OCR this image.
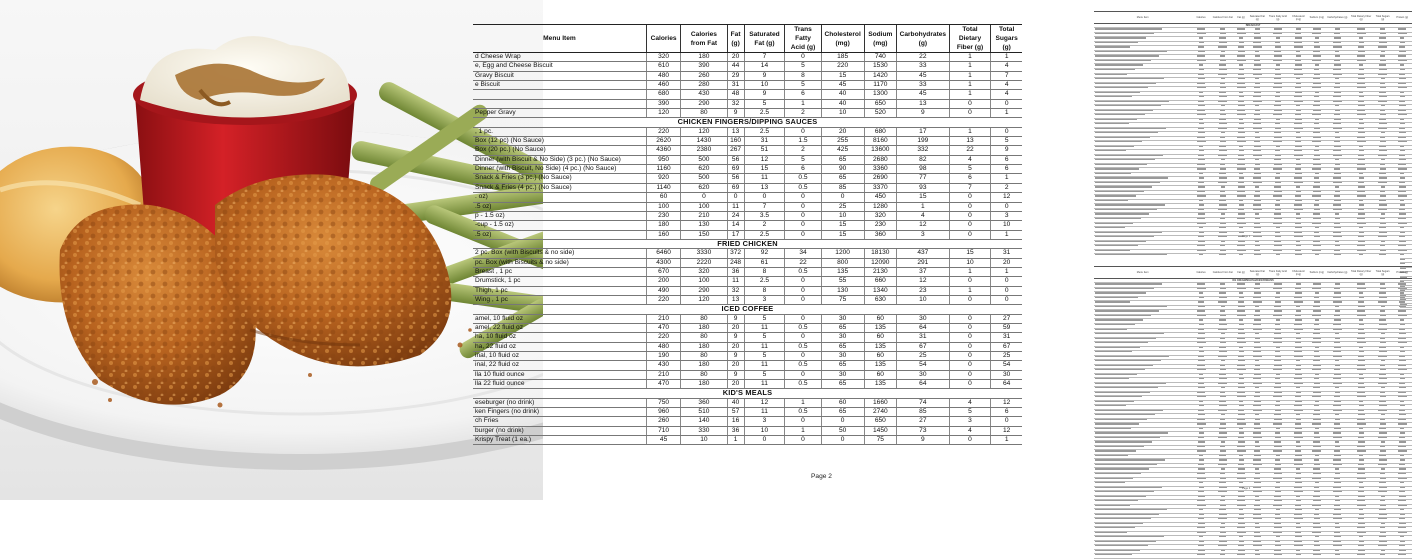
Menu Item	Calories	Calories from Fat	Fat (g)	Saturated Fat (g)	Trans Fatty Acid (g)	Cholesterol (mg)	Sodium (mg)	Carbohydrates (g)	Total Dietary Fiber (g)	Total Sugars (g)
d Cheese Wrap	320	180	20	7	0	185	740	22	1	1
e, Egg and Cheese Biscuit	610	390	44	14	5	220	1530	33	1	4
Gravy Biscuit	480	260	29	9	8	15	1420	45	1	7
e Biscuit	460	280	31	10	5	45	1170	33	1	4
	680	430	48	9	6	40	1300	45	1	4
	390	290	32	5	1	40	650	13	0	0
Pepper Gravy	120	80	9	2.5	2	10	520	9	0	1
CHICKEN FINGERS/DIPPING SAUCES										
, 1 pc.	220	120	13	2.5	0	20	680	17	1	0
Box (12 pc) (No Sauce)	2620	1430	160	31	1.5	255	8160	199	13	5
Box (20 pc.) (No Sauce)	4360	2380	267	51	2	425	13600	332	22	9
Dinner (with Biscuit & No Side) (3 pc.) (No Sauce)	950	500	56	12	5	65	2680	82	4	6
Dinner (with Biscuit, No Side) (4 pc.) (No Sauce)	1160	620	69	15	6	90	3360	98	5	6
Snack & Fries (3 pc.) (No Sauce)	920	500	56	11	0.5	65	2690	77	6	1
Snack & Fries (4 pc.) (No Sauce)	1140	620	69	13	0.5	85	3370	93	7	2
. oz)	60	0	0	0	0	0	450	15	0	12
.5 oz)	100	100	11	7	0	25	1280	1	0	0
p - 1.5 oz)	230	210	24	3.5	0	10	320	4	0	3
-cup - 1.5 oz)	180	130	14	2	0	15	230	12	0	10
.5 oz)	160	150	17	2.5	0	15	360	3	0	1
FRIED CHICKEN										
2 pc. Box (with Biscuits & no side)	6460	3330	372	92	34	1200	18130	437	15	31
pc. Box (with Biscuits & no side)	4300	2220	248	61	22	800	12090	291	10	20
Breast , 1 pc	670	320	36	8	0.5	135	2130	37	1	1
Drumstick, 1 pc	200	100	11	2.5	0	55	660	12	0	0
Thigh, 1 pc	490	290	32	8	0	130	1340	23	1	0
Wing , 1 pc	220	120	13	3	0	75	630	10	0	0
ICED COFFEE										
amel, 10 fluid oz	210	80	9	5	0	30	60	30	0	27
amel, 22 fluid oz	470	180	20	11	0.5	65	135	64	0	59
ha, 10 fluid oz	220	80	9	5	0	30	60	31	0	31
ha, 22 fluid oz	480	180	20	11	0.5	65	135	67	0	67
inal, 10 fluid oz	190	80	9	5	0	30	60	25	0	25
inal, 22 fluid oz	430	180	20	11	0.5	65	135	54	0	54
lla 10 fluid ounce	210	80	9	5	0	30	60	30	0	30
lla 22 fluid ounce	470	180	20	11	0.5	65	135	64	0	64
KID'S MEALS										
eseburger (no drink)	750	360	40	12	1	60	1660	74	4	12
ken Fingers (no drink)	960	510	57	11	0.5	65	2740	85	5	6
ch Fries	260	140	16	3	0	0	650	27	3	0
burger (no drink)	710	330	36	10	1	50	1450	73	4	12
Krispy Treat (1 ea.)	45	10	1	0	0	0	75	9	0	1
Page 2
Menu Item	Calories	Calories From Fat	Fat (g)	Saturated Fat (g)	Trans Fatty Acid (g)	Cholesterol (mg)	Sodium (mg)	Carbohydrates (g)	Total Dietary Fiber (g)	Total Sugars (g)	Protein (g)
BREAKFAST											

Page 1
Menu Item	Calories	Calories From Fat	Fat (g)	Saturated Fat (g)	Trans Fatty Acid (g)	Cholesterol (mg)	Sodium (mg)	Carbohydrates (g)	Total Dietary Fiber (g)	Total Sugars (g)	Protein (g)
ICE CREAM/MILKSHAKES/FREEZES											

Page 3
